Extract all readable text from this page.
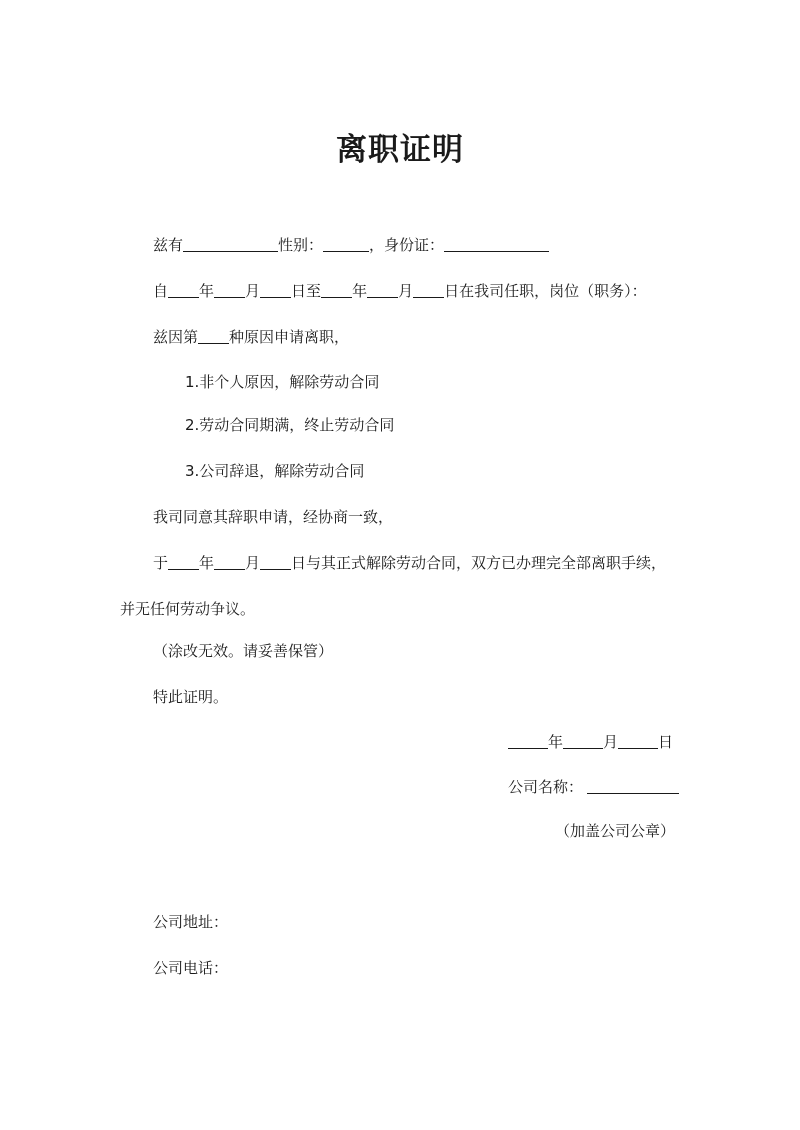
离职证明
兹有	性别：	，身份证：
自 年 月 日至 年 月 日在我司任职，岗位（职务）：
兹因第 种原因申请离职，
1.非个人原因，解除劳动合同
2.劳动合同期满，终止劳动合同
3.公司辞退，解除劳动合同
我司同意其辞职申请，经协商一致，
于 年 月 日与其正式解除劳动合同，双方已办理完全部离职手续，
并无任何劳动争议。
（涂改无效。请妥善保管）
特此证明。
年	月	日
公司名称：
（加盖公司公章）
公司地址：
公司电话：
